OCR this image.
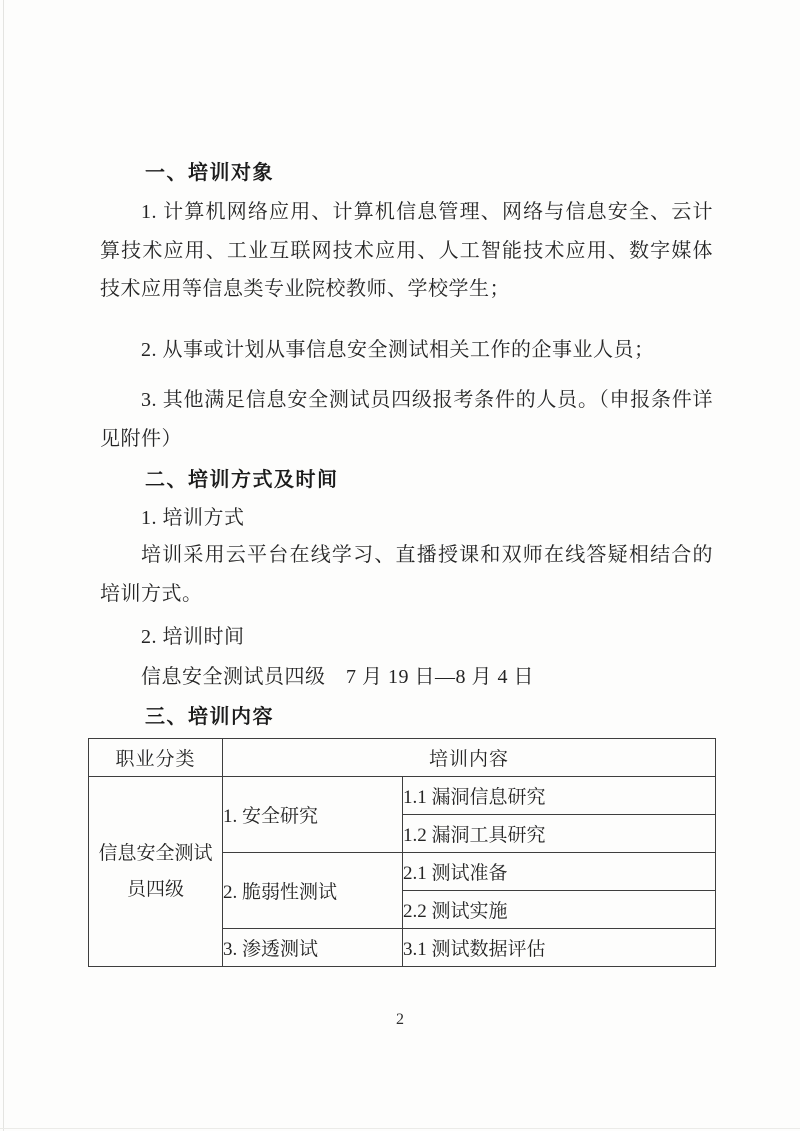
一、培训对象

1. 计算机网络应用、计算机信息管理、网络与信息安全、云计算技术应用、工业互联网技术应用、人工智能技术应用、数字媒体技术应用等信息类专业院校教师、学校学生；

2. 从事或计划从事信息安全测试相关工作的企事业人员；

3. 其他满足信息安全测试员四级报考条件的人员。（申报条件详见附件）

二、培训方式及时间

1. 培训方式

培训采用云平台在线学习、直播授课和双师在线答疑相结合的培训方式。

2. 培训时间

信息安全测试员四级　7 月 19 日—8 月 4 日

三、培训内容
职业分类	培训内容	
信息安全测试员四级	1. 安全研究	1.1 漏洞信息研究
		1.2 漏洞工具研究
	2. 脆弱性测试	2.1 测试准备
		2.2 测试实施
	3. 渗透测试	3.1 测试数据评估
2
